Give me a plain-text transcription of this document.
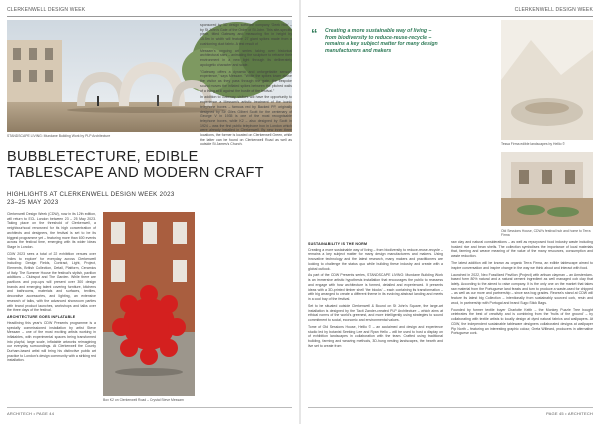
CLERKENWELL DESIGN WEEK
STANDSCAPE LIVING: Mundane Building Work by PLP Architecture
BUBBLETECTURE, EDIBLE TABLESCAPE AND MODERN CRAFT
HIGHLIGHTS AT CLERKENWELL DESIGN WEEK 2023
23–25 MAY 2023

Clerkenwell Design Week (CDW), now in its 12th edition, will return to ECL London between 23 – 25 May 2023. Taking place on the threshold of Clerkenwell, a neighbourhood renowned for its high concentration of architects and designers, the festival is set to be its biggest programme yet – featuring more than 600 events across the festival time, emerging with its wider Ideas Stage in London.

CDW 2023 sees a total of 22 exhibition venues over 'miles to explore' for everyday across Clerkenwell including: Design Fields, Contract, Light, Project, Elements, British Collection, Detail, Platform, Ceramics of Italy. The Summer House the festival's stylish, pavilion additions – Clubspot and The Garden. While there are pavilions and pop-ups will present over 300 design brands and emerging talent covering furniture, kitchens and bathrooms, materials and surfaces, textiles, decorative accessories, and lighting, an extensive research of talks, with the advanced showroom parties with brand product launches, workshops and talks over the three days of the festival.

ARCHITECTURE GOES INFLATABLE

Headlining this year's CDW Presents programme is a specially commissioned installation by artist Steve Messam – one of the most exciting artists working in inflatables, with experimental spaces being transformed into playful, large scale, inflatable artworks reimagining our everyday surroundings. At Clerkenwell the County Durham-based artist will bring his distinctive public art practice to London's design community with a striking red installation.

Box K2 on Clerkenwell Road – Crystal Steve Messam

sponsored by 3D design software company 'Geek Hub' – by St John's Gate of the Order of St John. This site-specific piece, titled Gateway and measuring 9m in height by 15.5m in width will feature 27 giant spikes made from a cushioning duct fabric. A test result of

Messam's ongoing art series taking over historical architectural sites – animating the sculpture to reframe their environment in a new light through its deliberately apologetic character and scale.

"Gateway offers a dynamic and unforgettable sensory experience," says Messam. "While the spikes tower above the visitor as they pass through the gate, the bespoke sound moves the inflated spikes between the pitched walls of a living at ill against the bustle of the festival."

In addition to Gateway, visitors will have the opportunity to experience a Messam's artistic treatment of the iconic telephone boxes – famous red by Backed PP, originally designed by Sir Giles Gilbert Scott for the centenary of George V in 1935 is one of the most recognisable telephone boxes, while K2 – also designed by Scott in 1924 – was the first public telephone box in London which were already installed in Clerkenwell. By new inner three locations, the former is located on Clerkenwell Green, while the latter can be found on Clerkenwell Road as well as outside St James's Church.

ARCHITECH • PAGE 44
CLERKENWELL DESIGN WEEK
“ Creating a more sustainable way of living – from biodiversity to reduce-reuse-recycle – remains a key subject matter for many design manufacturers and makers
Tessa Firma edible landscapes by Hellio ©
Old Sessions House, CDW's festival hub and home to Terra Firma
SUSTAINABILITY IS THE NORM

Creating a more sustainable way of living – from biodiversity to reduce-reuse-recycle – remains a key subject matter for many design manufacturers and makers. Using innovative technology and the latest research, many makers and practitioners are looking to challenge the status quo while building these industry and create with a global outlook.

As part of the CDW Presents series, STANDSCAPE LIVING: Mundane Building Work is an immersive artistic hypothesis installation that encourages the public to reassess and engage with how architecture is formed, detailed and experienced. It presents ideas with a 3D-printed timber shell 'the blocks' – each containing its transformation – with big arranged to create a different theme in its evolving abstract landing and meets in a cool bay of the festival.

Set to be situated outside Clerkenwell & Bound on St John's Square, the large-art installation is designed by the Tacit Zander-created PLP Architecture – which aims at ethical norms of the world's greenest, and more intelligently using strategies to sound commitment to social, economic and environmental values.

Tome of Old Sessions House, Hellio © – an acclaimed and design and experience studio led by botanist Seeking Lee and Ryan Hello – will be used to host a display on of exhibition landscapes in collaboration with the team. Crafted using traditional building, farming and weaving methods, 3D-hung nesting landscapes, the hearth and live set to create from

raw clay and natural considerations – as well as repurposed food industry waste including husked rice and bean shells. The collection symbolises the importance of local materials that, farming and weave meaning of the value of the many resources, consumption and waste reduction.

The latest addition will be known as organic Terra Firma, an edible tablescape aimed to inspire conversation and inspire change in the way we think about and interact with food.

Launched in 2022, Neo Fossilized Pavilion (Project) with artisan clayman – an Amsterdam-based form 80% natural and a natural cement ingredient as well managed cob clay that lately. According to the aimed to raise company. It is the only one on the market that takes raw material from the Portuguese land feasts and turn to produce a waste-used for chipped – as well as our more and partnership – since sea bog grades. Recrea's stand at CDW will feature its latest big Collection – intentionally from sustainably sourced cork, resin and wool, in partnership with Portugal and brand Sugo Stick Bags.

Founded by former textile buyer Charlotte Keith – the Monkey Puzzle Tree bought celebrates the best of creativity and is combining from the 'fruits of the ground' – by collaborating with textile artists to locally design at dyed natural fabrics and wallpapers. At CDW, the independent sustainable tableware designers collaborated designs at wallpaper Pip North – featuring an interesting graphic colour, Greta Willeard, producers in alternative Portuguese cork.

PAGE 45 • ARCHITECH
